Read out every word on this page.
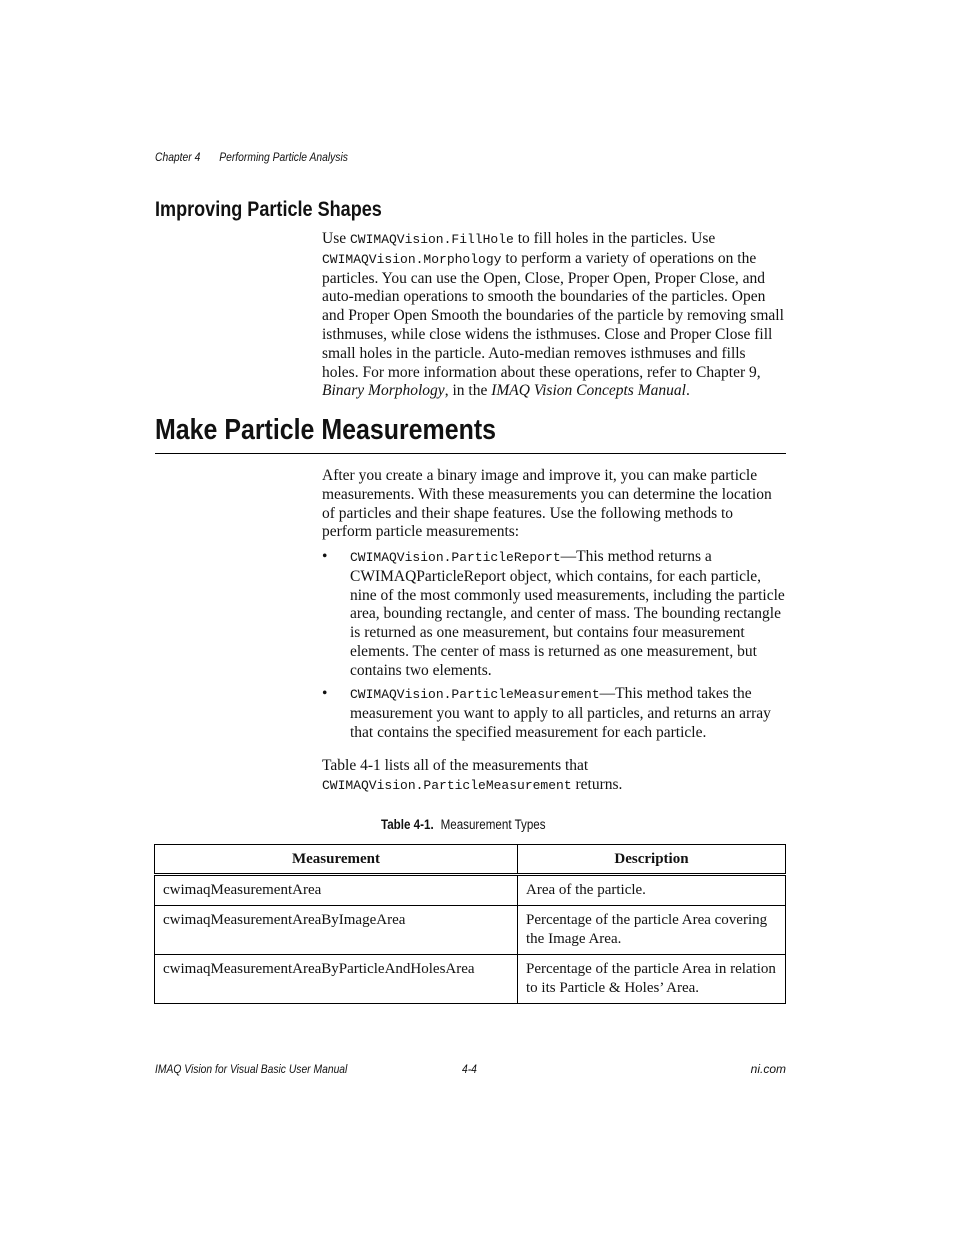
Chapter 4 Performing Particle Analysis
Improving Particle Shapes
Use CWIMAQVision.FillHole to fill holes in the particles. Use CWIMAQVision.Morphology to perform a variety of operations on the particles. You can use the Open, Close, Proper Open, Proper Close, and auto-median operations to smooth the boundaries of the particles. Open and Proper Open Smooth the boundaries of the particle by removing small isthmuses, while close widens the isthmuses. Close and Proper Close fill small holes in the particle. Auto-median removes isthmuses and fills holes. For more information about these operations, refer to Chapter 9, Binary Morphology, in the IMAQ Vision Concepts Manual.
Make Particle Measurements
After you create a binary image and improve it, you can make particle measurements. With these measurements you can determine the location of particles and their shape features. Use the following methods to perform particle measurements:
• CWIMAQVision.ParticleReport—This method returns a CWIMAQParticleReport object, which contains, for each particle, nine of the most commonly used measurements, including the particle area, bounding rectangle, and center of mass. The bounding rectangle is returned as one measurement, but contains four measurement elements. The center of mass is returned as one measurement, but contains two elements.
• CWIMAQVision.ParticleMeasurement—This method takes the measurement you want to apply to all particles, and returns an array that contains the specified measurement for each particle.
Table 4-1 lists all of the measurements that CWIMAQVision.ParticleMeasurement returns.
Table 4-1. Measurement Types
Measurement	Description
cwimaqMeasurementArea	Area of the particle.
cwimaqMeasurementAreaByImageArea	Percentage of the particle Area covering the Image Area.
cwimaqMeasurementAreaByParticleAndHolesArea	Percentage of the particle Area in relation to its Particle & Holes’ Area.
IMAQ Vision for Visual Basic User Manual	4-4	ni.com
